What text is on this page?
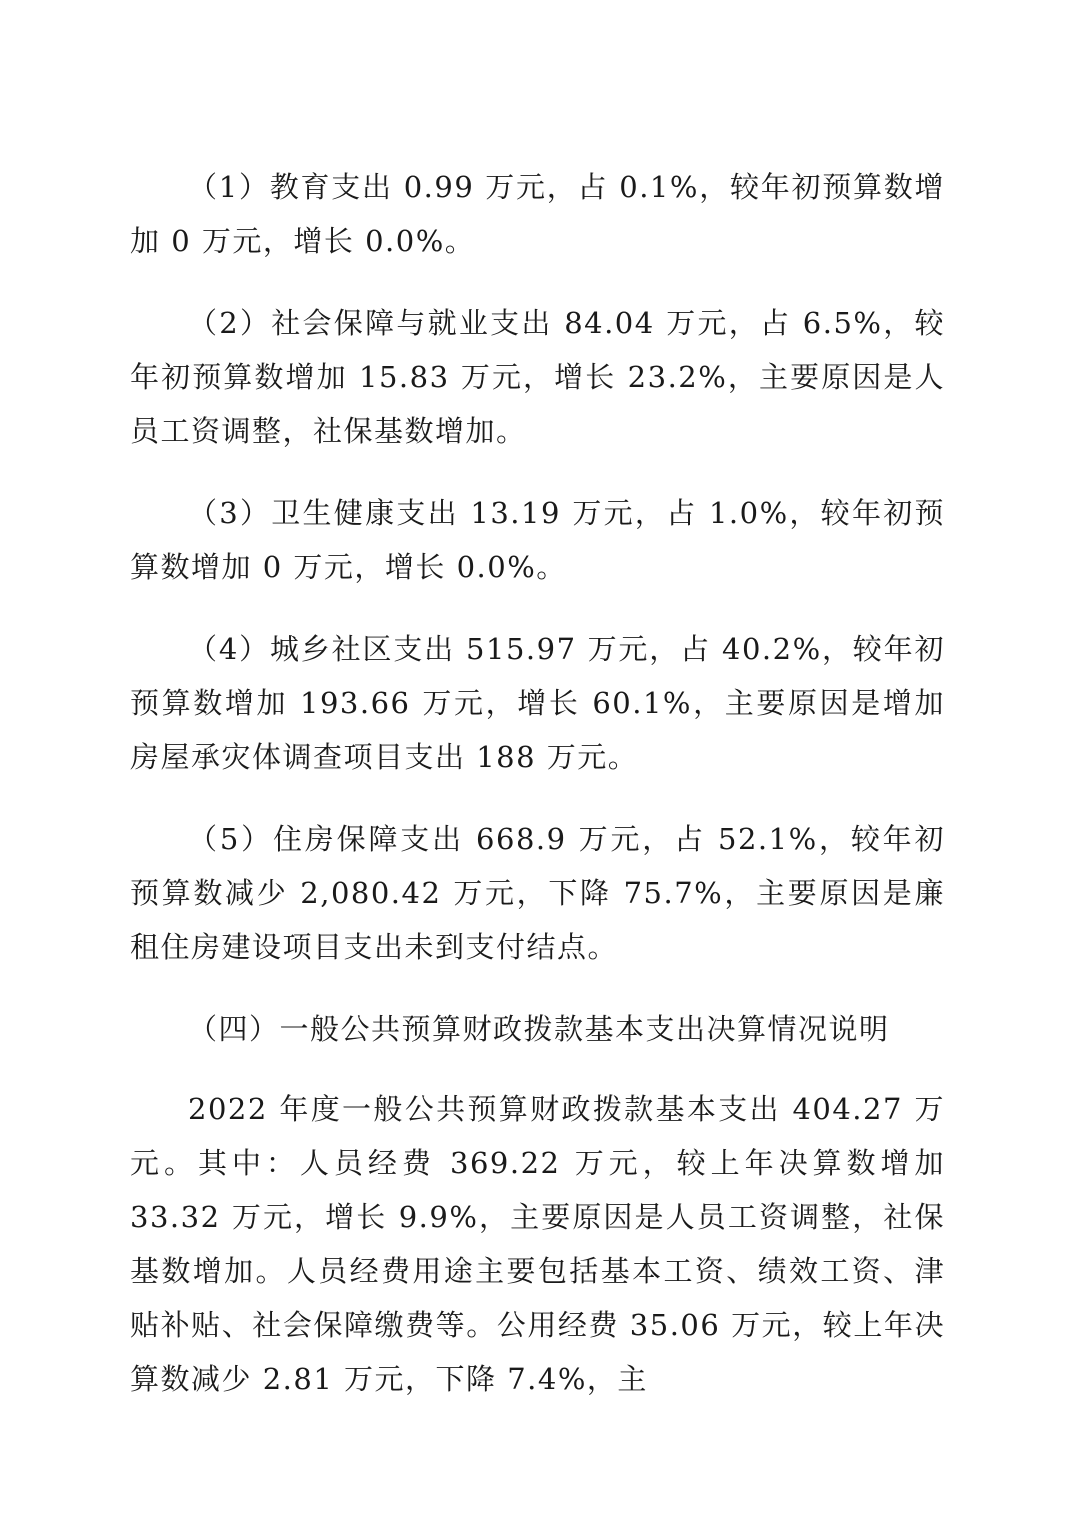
（1）教育支出 0.99 万元，占 0.1%，较年初预算数增加 0 万元，增长 0.0%。

（2）社会保障与就业支出 84.04 万元，占 6.5%，较年初预算数增加 15.83 万元，增长 23.2%，主要原因是人员工资调整，社保基数增加。

（3）卫生健康支出 13.19 万元，占 1.0%，较年初预算数增加 0 万元，增长 0.0%。

（4）城乡社区支出 515.97 万元，占 40.2%，较年初预算数增加 193.66 万元，增长 60.1%，主要原因是增加房屋承灾体调查项目支出 188 万元。

（5）住房保障支出 668.9 万元，占 52.1%，较年初预算数减少 2,080.42 万元，下降 75.7%，主要原因是廉租住房建设项目支出未到支付结点。

（四）一般公共预算财政拨款基本支出决算情况说明

2022 年度一般公共预算财政拨款基本支出 404.27 万元。其中：人员经费 369.22 万元，较上年决算数增加 33.32 万元，增长 9.9%，主要原因是人员工资调整，社保基数增加。人员经费用途主要包括基本工资、绩效工资、津贴补贴、社会保障缴费等。公用经费 35.06 万元，较上年决算数减少 2.81 万元，下降 7.4%，主
